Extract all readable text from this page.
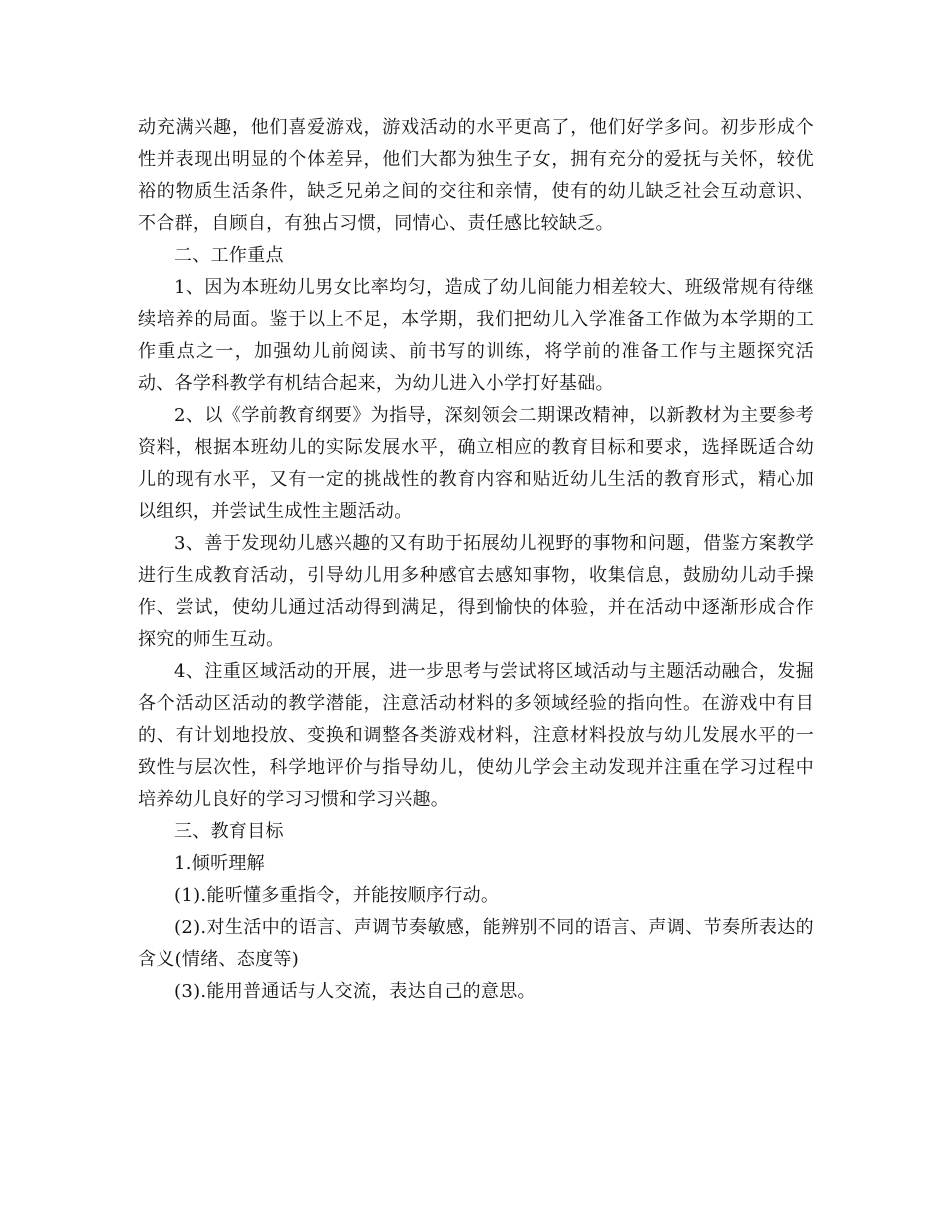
动充满兴趣，他们喜爱游戏，游戏活动的水平更高了，他们好学多问。初步形成个性并表现出明显的个体差异，他们大都为独生子女，拥有充分的爱抚与关怀，较优裕的物质生活条件，缺乏兄弟之间的交往和亲情，使有的幼儿缺乏社会互动意识、不合群，自顾自，有独占习惯，同情心、责任感比较缺乏。

二、工作重点

1、因为本班幼儿男女比率均匀，造成了幼儿间能力相差较大、班级常规有待继续培养的局面。鉴于以上不足，本学期，我们把幼儿入学准备工作做为本学期的工作重点之一，加强幼儿前阅读、前书写的训练，将学前的准备工作与主题探究活动、各学科教学有机结合起来，为幼儿进入小学打好基础。

2、以《学前教育纲要》为指导，深刻领会二期课改精神，以新教材为主要参考资料，根据本班幼儿的实际发展水平，确立相应的教育目标和要求，选择既适合幼儿的现有水平，又有一定的挑战性的教育内容和贴近幼儿生活的教育形式，精心加以组织，并尝试生成性主题活动。

3、善于发现幼儿感兴趣的又有助于拓展幼儿视野的事物和问题，借鉴方案教学进行生成教育活动，引导幼儿用多种感官去感知事物，收集信息，鼓励幼儿动手操作、尝试，使幼儿通过活动得到满足，得到愉快的体验，并在活动中逐渐形成合作探究的师生互动。

4、注重区域活动的开展，进一步思考与尝试将区域活动与主题活动融合，发掘各个活动区活动的教学潜能，注意活动材料的多领域经验的指向性。在游戏中有目的、有计划地投放、变换和调整各类游戏材料，注意材料投放与幼儿发展水平的一致性与层次性，科学地评价与指导幼儿，使幼儿学会主动发现并注重在学习过程中培养幼儿良好的学习习惯和学习兴趣。

三、教育目标

1.倾听理解

(1).能听懂多重指令，并能按顺序行动。

(2).对生活中的语言、声调节奏敏感，能辨别不同的语言、声调、节奏所表达的含义(情绪、态度等)

(3).能用普通话与人交流，表达自己的意思。
